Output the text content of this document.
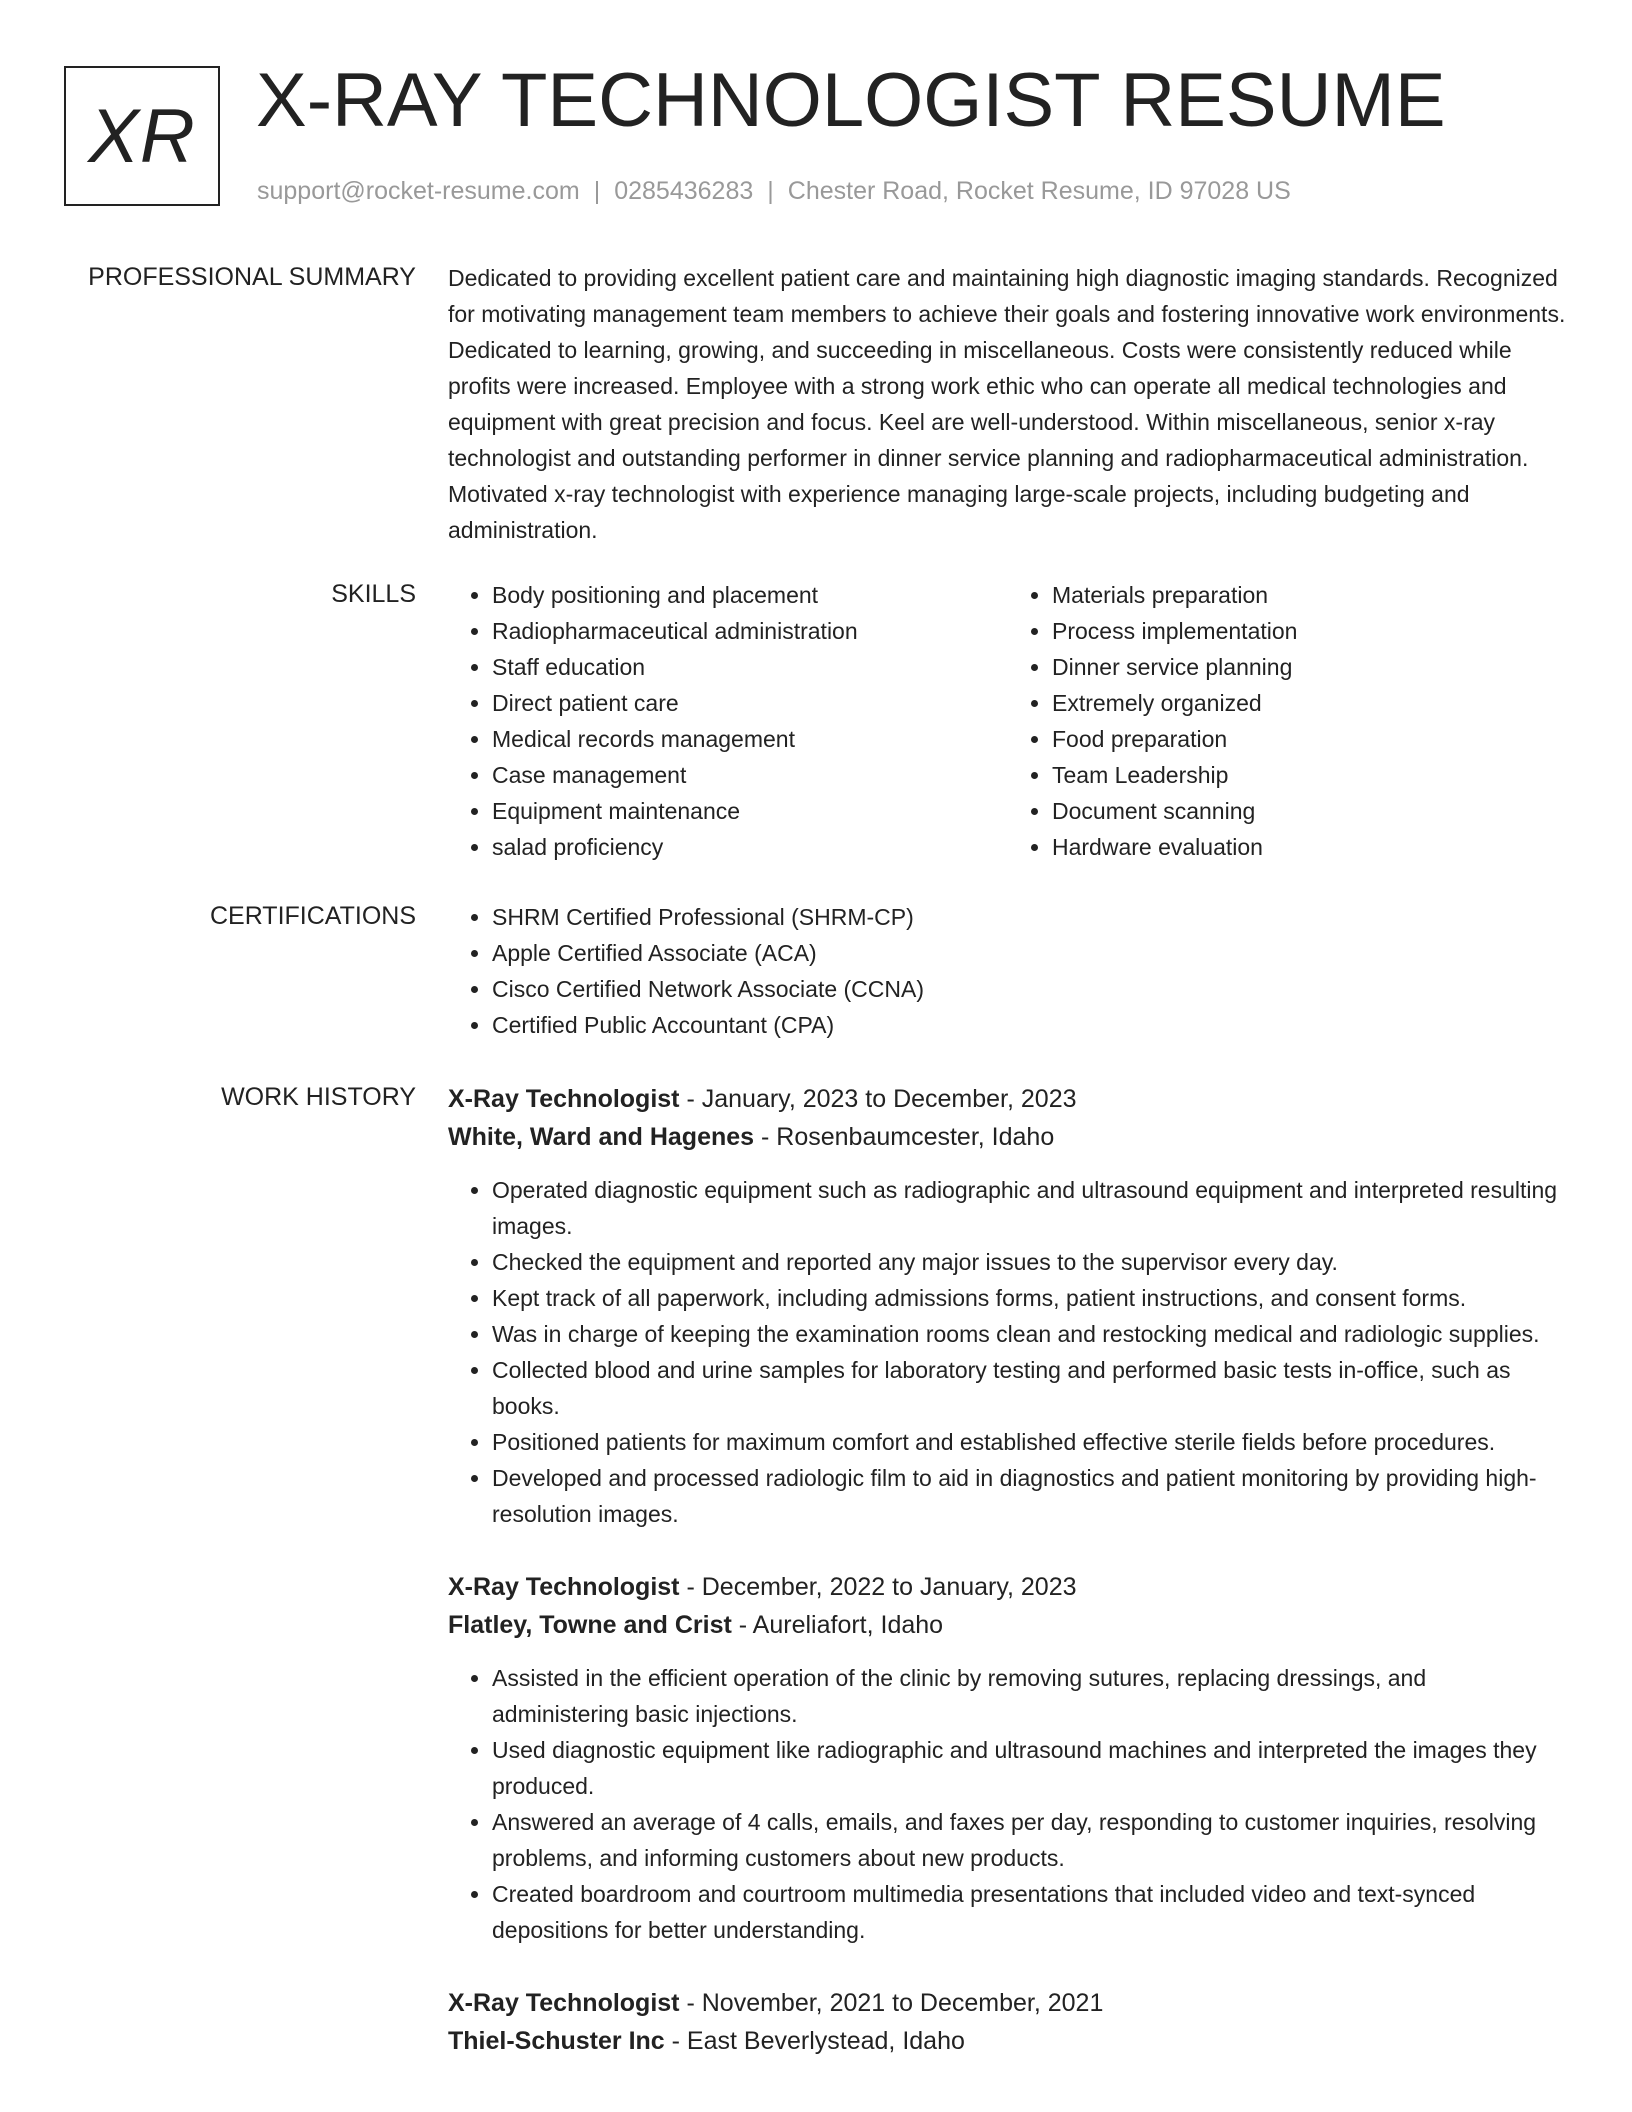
XR X-RAY TECHNOLOGIST RESUME
support@rocket-resume.com | 0285436283 | Chester Road, Rocket Resume, ID 97028 US
PROFESSIONAL SUMMARY Dedicated to providing excellent patient care and maintaining high diagnostic imaging standards. Recognized for motivating management team members to achieve their goals and fostering innovative work environments. Dedicated to learning, growing, and succeeding in miscellaneous. Costs were consistently reduced while profits were increased. Employee with a strong work ethic who can operate all medical technologies and equipment with great precision and focus. Keel are well-understood. Within miscellaneous, senior x-ray technologist and outstanding performer in dinner service planning and radiopharmaceutical administration. Motivated x-ray technologist with experience managing large-scale projects, including budgeting and administration.

SKILLS	• Body positioning and placement
• Radiopharmaceutical administration
• Staff education
• Direct patient care
• Medical records management
• Case management
• Equipment maintenance
• salad proficiency
• Materials preparation
• Process implementation
• Dinner service planning
• Extremely organized
• Food preparation
• Team Leadership
• Document scanning
• Hardware evaluation
CERTIFICATIONS	• SHRM Certified Professional (SHRM-CP)
• Apple Certified Associate (ACA)
• Cisco Certified Network Associate (CCNA)
• Certified Public Accountant (CPA)
WORK HISTORY X-Ray Technologist - January, 2023 to December, 2023
White, Ward and Hagenes - Rosenbaumcester, Idaho
• Operated diagnostic equipment such as radiographic and ultrasound equipment and interpreted resulting images.
• Checked the equipment and reported any major issues to the supervisor every day.
• Kept track of all paperwork, including admissions forms, patient instructions, and consent forms.
• Was in charge of keeping the examination rooms clean and restocking medical and radiologic supplies.
• Collected blood and urine samples for laboratory testing and performed basic tests in-office, such as books.
• Positioned patients for maximum comfort and established effective sterile fields before procedures.
• Developed and processed radiologic film to aid in diagnostics and patient monitoring by providing high-resolution images.
X-Ray Technologist - December, 2022 to January, 2023
Flatley, Towne and Crist - Aureliafort, Idaho
• Assisted in the efficient operation of the clinic by removing sutures, replacing dressings, and administering basic injections.
• Used diagnostic equipment like radiographic and ultrasound machines and interpreted the images they produced.
• Answered an average of 4 calls, emails, and faxes per day, responding to customer inquiries, resolving problems, and informing customers about new products.
• Created boardroom and courtroom multimedia presentations that included video and text-synced depositions for better understanding.
X-Ray Technologist - November, 2021 to December, 2021
Thiel-Schuster Inc - East Beverlystead, Idaho
